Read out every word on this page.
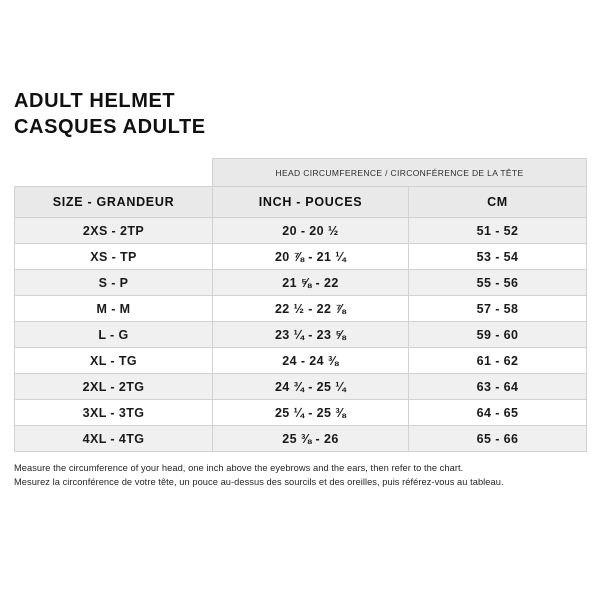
ADULT HELMET
CASQUES ADULTE
	HEAD CIRCUMFERENCE / CIRCONFÉRENCE DE LA TÊTE	
SIZE - GRANDEUR	INCH - POUCES	CM
2XS - 2TP	20 - 20 ½	51 - 52
XS - TP	20 ⅞ - 21 ¼	53 - 54
S - P	21 ⅝ - 22	55 - 56
M - M	22 ½ - 22 ⅞	57 - 58
L - G	23 ¼ - 23 ⅝	59 - 60
XL - TG	24 - 24 ⅜	61 - 62
2XL - 2TG	24 ¾ - 25 ¼	63 - 64
3XL - 3TG	25 ¼ - 25 ⅜	64 - 65
4XL - 4TG	25 ⅜ - 26	65 - 66
Measure the circumference of your head, one inch above the eyebrows and the ears, then refer to the chart.
Mesurez la circonférence de votre tête, un pouce au-dessus des sourcils et des oreilles, puis référez-vous au tableau.
